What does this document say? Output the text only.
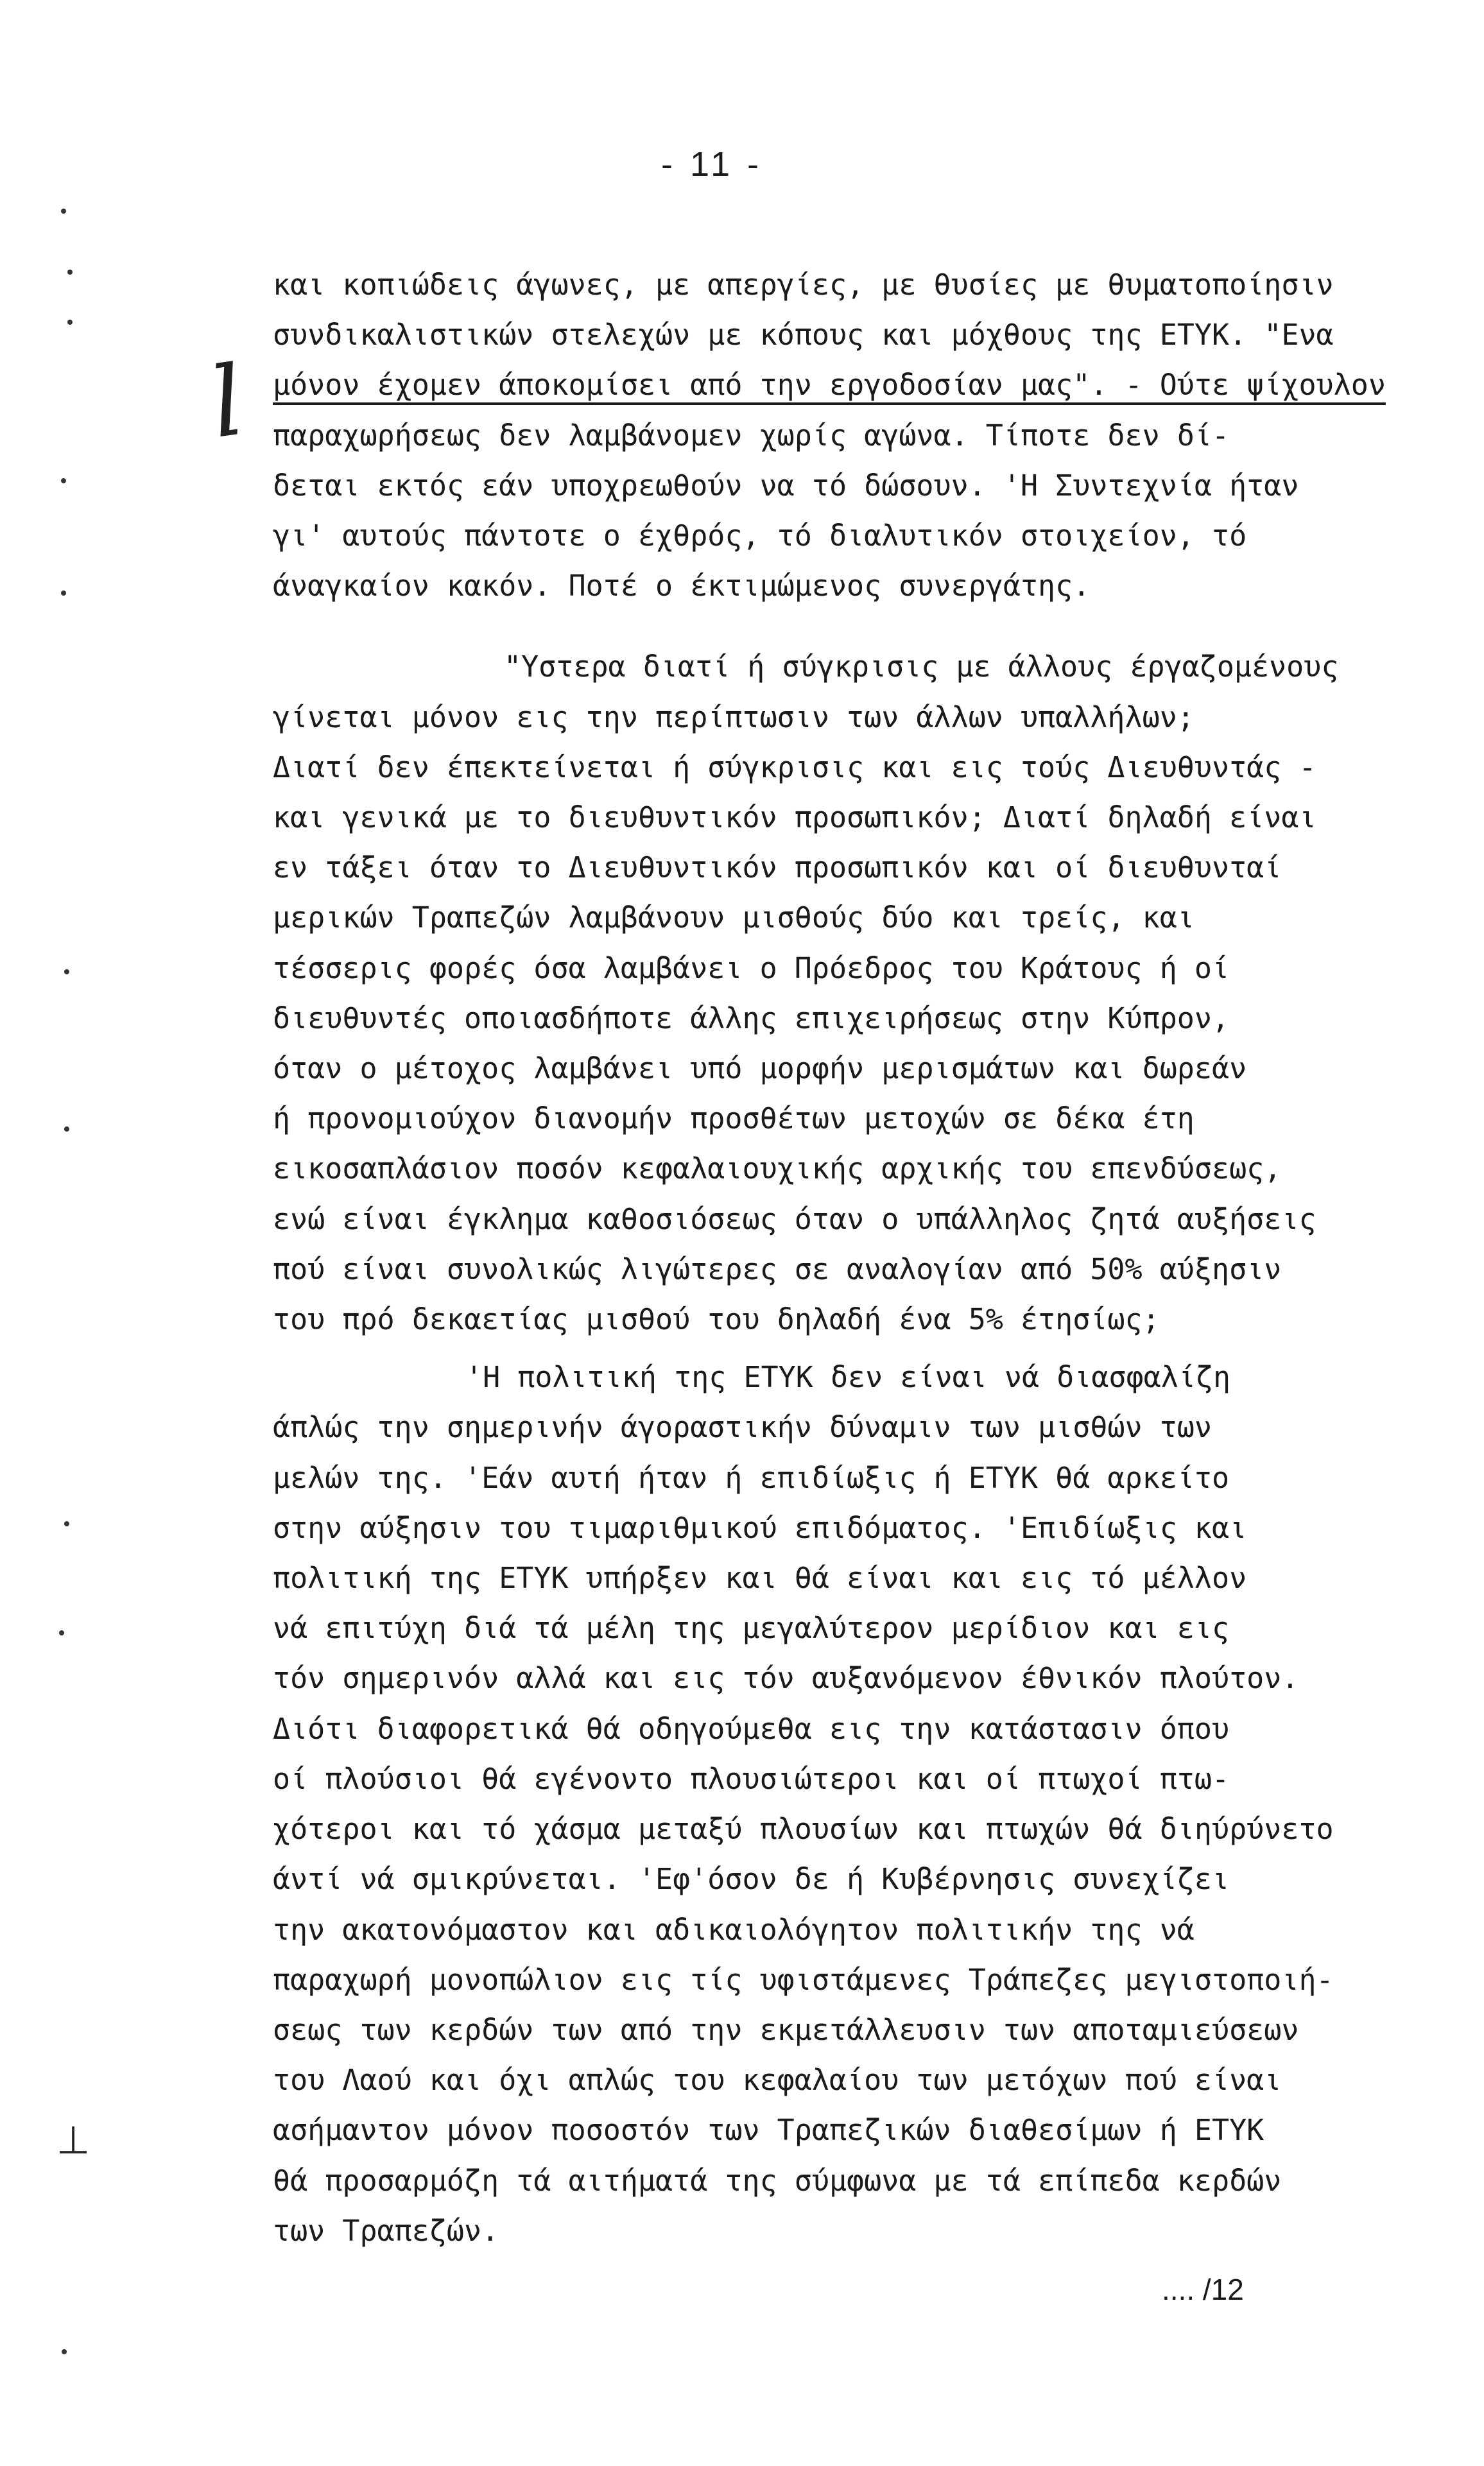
- 11 -
l
⊥
και κοπιώδεις άγωνες, με απεργίες, με θυσίες με θυματοποίησιν
συνδικαλιστικών στελεχών με κόπους και μόχθους της ΕΤΥΚ. "Ενα
μόνον έχομεν άποκομίσει από την εργοδοσίαν μας". - Ούτε ψίχουλον
παραχωρήσεως δεν λαμβάνομεν χωρίς αγώνα. Τίποτε δεν δί-
δεται εκτός εάν υποχρεωθούν να τό δώσουν. 'Η Συντεχνία ήταν
γι' αυτούς πάντοτε ο έχθρός, τό διαλυτικόν στοιχείον, τό
άναγκαίον κακόν. Ποτέ ο έκτιμώμενος συνεργάτης.
"Υστερα διατί ή σύγκρισις με άλλους έργαζομένους
γίνεται μόνον εις την περίπτωσιν των άλλων υπαλλήλων;
Διατί δεν έπεκτείνεται ή σύγκρισις και εις τούς Διευθυντάς -
και γενικά με το διευθυντικόν προσωπικόν; Διατί δηλαδή είναι
εν τάξει όταν το Διευθυντικόν προσωπικόν και οί διευθυνταί
μερικών Τραπεζών λαμβάνουν μισθούς δύο και τρείς, και
τέσσερις φορές όσα λαμβάνει ο Πρόεδρος του Κράτους ή οί
διευθυντές οποιασδήποτε άλλης επιχειρήσεως στην Κύπρον,
όταν ο μέτοχος λαμβάνει υπό μορφήν μερισμάτων και δωρεάν
ή προνομιούχον διανομήν προσθέτων μετοχών σε δέκα έτη
εικοσαπλάσιον ποσόν κεφαλαιουχικής αρχικής του επενδύσεως,
ενώ είναι έγκλημα καθοσιόσεως όταν ο υπάλληλος ζητά αυξήσεις
πού είναι συνολικώς λιγώτερες σε αναλογίαν από 50% αύξησιν
του πρό δεκαετίας μισθού του δηλαδή ένα 5% έτησίως;
'Η πολιτική της ΕΤΥΚ δεν είναι νά διασφαλίζη
άπλώς την σημερινήν άγοραστικήν δύναμιν των μισθών των
μελών της. 'Εάν αυτή ήταν ή επιδίωξις ή ΕΤΥΚ θά αρκείτο
στην αύξησιν του τιμαριθμικού επιδόματος. 'Επιδίωξις και
πολιτική της ΕΤΥΚ υπήρξεν και θά είναι και εις τό μέλλον
νά επιτύχη διά τά μέλη της μεγαλύτερον μερίδιον και εις
τόν σημερινόν αλλά και εις τόν αυξανόμενον έθνικόν πλούτον.
Διότι διαφορετικά θά οδηγούμεθα εις την κατάστασιν όπου
οί πλούσιοι θά εγένοντο πλουσιώτεροι και οί πτωχοί πτω-
χότεροι και τό χάσμα μεταξύ πλουσίων και πτωχών θά διηύρύνετο
άντί νά σμικρύνεται. 'Εφ'όσον δε ή Κυβέρνησις συνεχίζει
την ακατονόμαστον και αδικαιολόγητον πολιτικήν της νά
παραχωρή μονοπώλιον εις τίς υφιστάμενες Τράπεζες μεγιστοποιή-
σεως των κερδών των από την εκμετάλλευσιν των αποταμιεύσεων
του Λαού και όχι απλώς του κεφαλαίου των μετόχων πού είναι
ασήμαντον μόνον ποσοστόν των Τραπεζικών διαθεσίμων ή ΕΤΥΚ
θά προσαρμόζη τά αιτήματά της σύμφωνα με τά επίπεδα κερδών
των Τραπεζών.
.... /12
